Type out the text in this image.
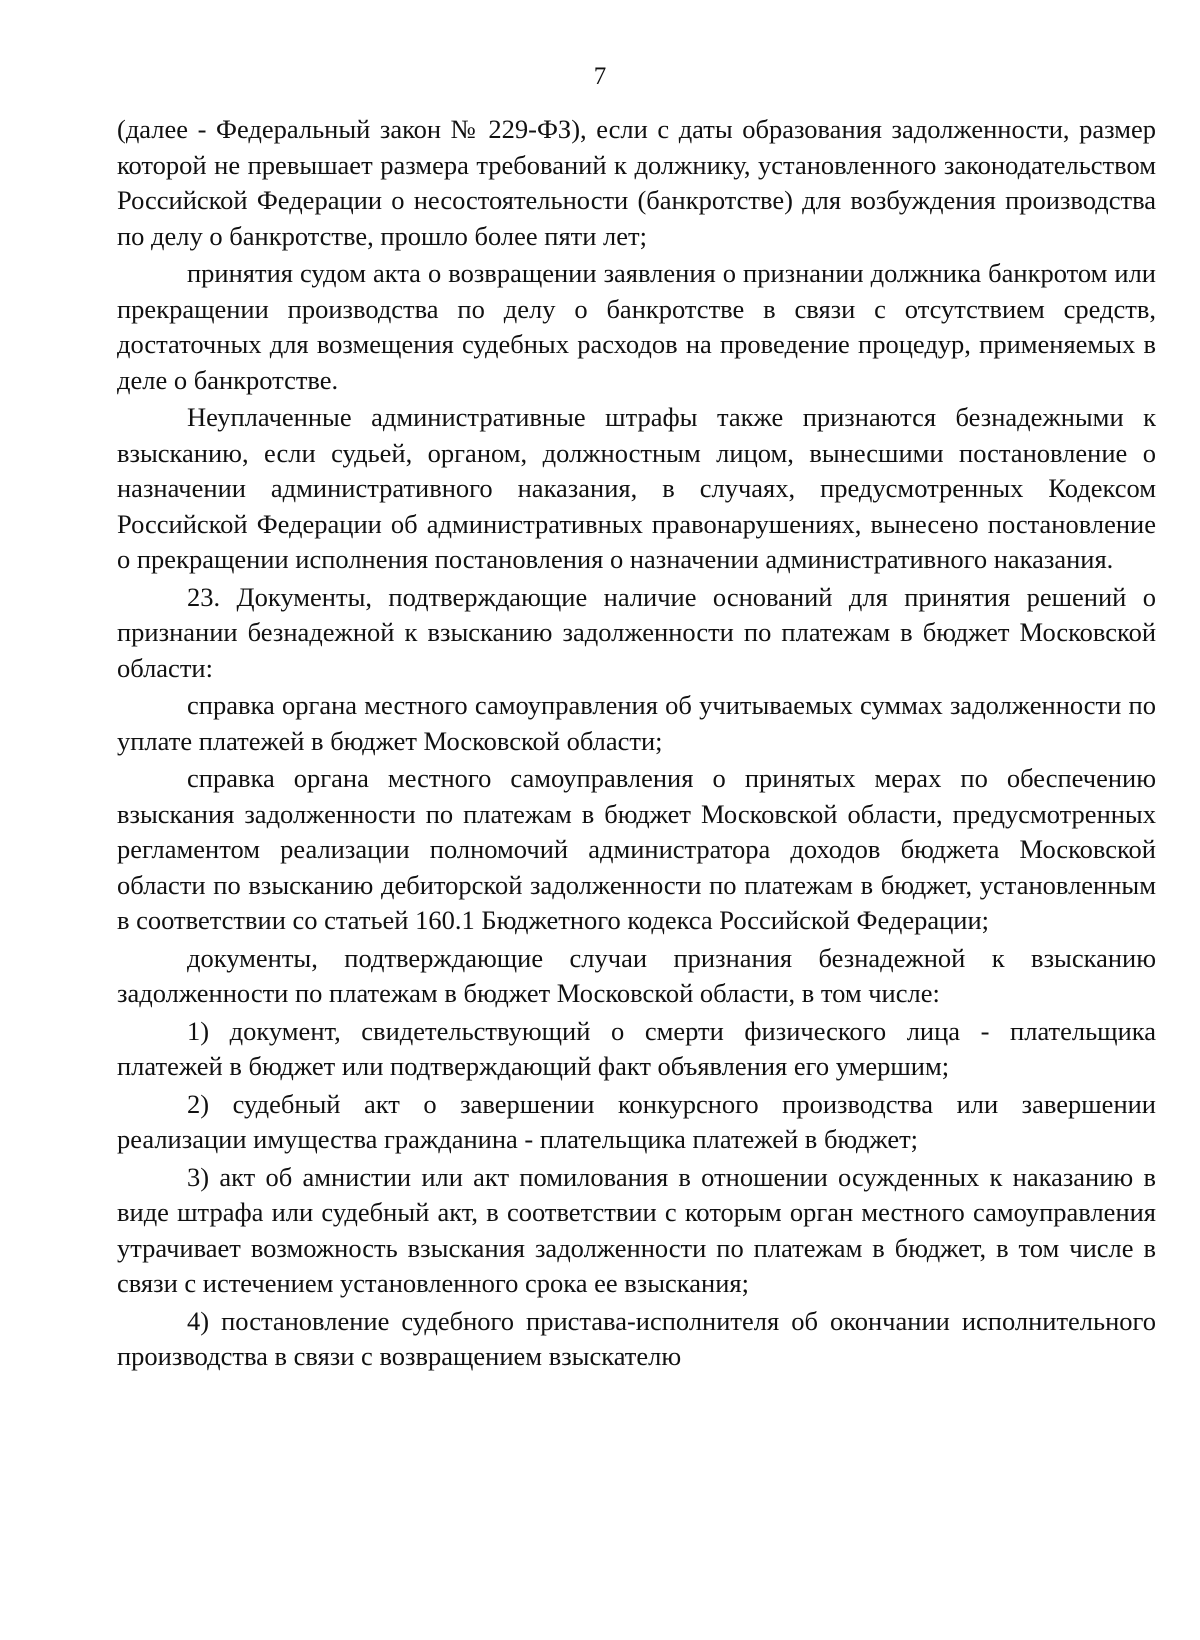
7

(далее - Федеральный закон № 229-ФЗ), если с даты образования задолженности, размер которой не превышает размера требований к должнику, установленного законодательством Российской Федерации о несостоятельности (банкротстве) для возбуждения производства по делу о банкротстве, прошло более пяти лет;

принятия судом акта о возвращении заявления о признании должника банкротом или прекращении производства по делу о банкротстве в связи с отсутствием средств, достаточных для возмещения судебных расходов на проведение процедур, применяемых в деле о банкротстве.

Неуплаченные административные штрафы также признаются безнадежными к взысканию, если судьей, органом, должностным лицом, вынесшими постановление о назначении административного наказания, в случаях, предусмотренных Кодексом Российской Федерации об административных правонарушениях, вынесено постановление о прекращении исполнения постановления о назначении административного наказания.

23. Документы, подтверждающие наличие оснований для принятия решений о признании безнадежной к взысканию задолженности по платежам в бюджет Московской области:

справка органа местного самоуправления об учитываемых суммах задолженности по уплате платежей в бюджет Московской области;

справка органа местного самоуправления о принятых мерах по обеспечению взыскания задолженности по платежам в бюджет Московской области, предусмотренных регламентом реализации полномочий администратора доходов бюджета Московской области по взысканию дебиторской задолженности по платежам в бюджет, установленным в соответствии со статьей 160.1 Бюджетного кодекса Российской Федерации;

документы, подтверждающие случаи признания безнадежной к взысканию задолженности по платежам в бюджет Московской области, в том числе:

1) документ, свидетельствующий о смерти физического лица - плательщика платежей в бюджет или подтверждающий факт объявления его умершим;

2) судебный акт о завершении конкурсного производства или завершении реализации имущества гражданина - плательщика платежей в бюджет;

3) акт об амнистии или акт помилования в отношении осужденных к наказанию в виде штрафа или судебный акт, в соответствии с которым орган местного самоуправления утрачивает возможность взыскания задолженности по платежам в бюджет, в том числе в связи с истечением установленного срока ее взыскания;

4) постановление судебного пристава-исполнителя об окончании исполнительного производства в связи с возвращением взыскателю
